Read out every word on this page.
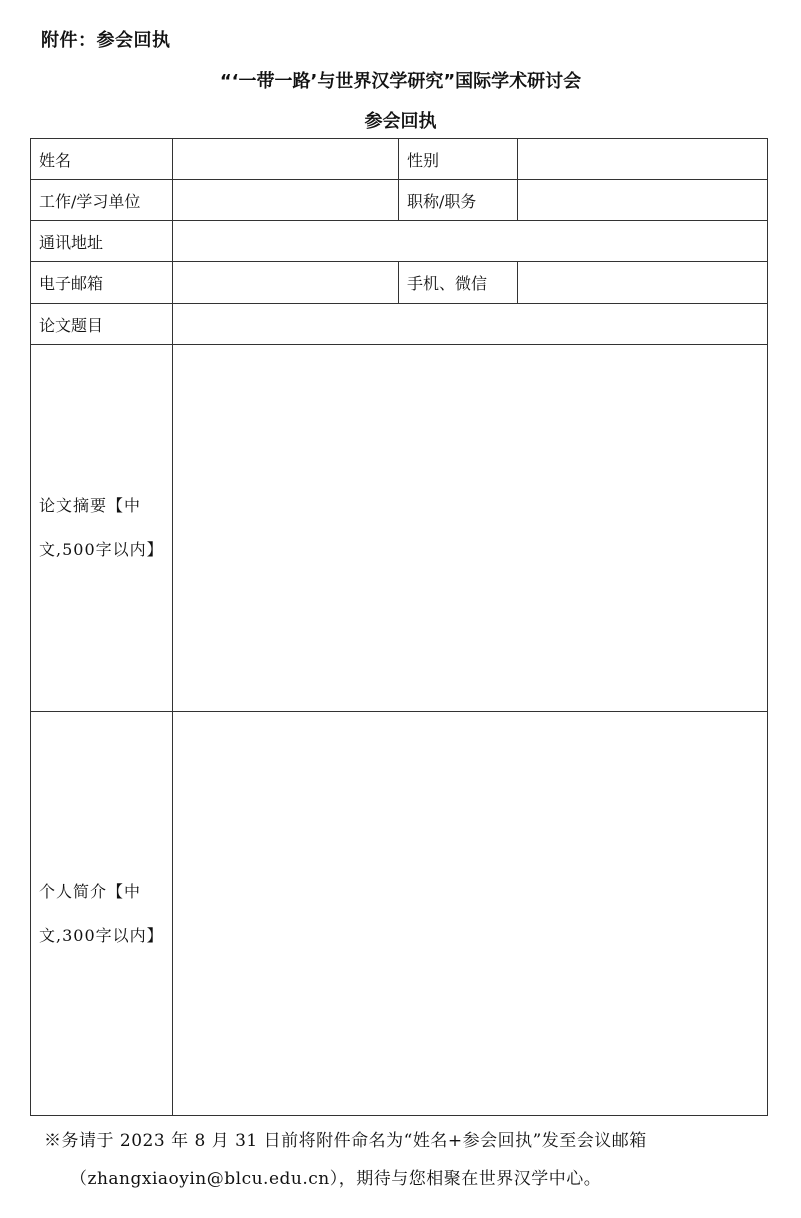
附件：参会回执
“‘一带一路’与世界汉学研究”国际学术研讨会
参会回执
姓名		性别	
工作/学习单位		职称/职务	
通讯地址			
电子邮箱		手机、微信	
论文题目			

论文摘要【中
文,500字以内】			

个人简介【中
文,300字以内】			

※务请于 2023 年 8 月 31 日前将附件命名为“姓名+参会回执”发至会议邮箱
（zhangxiaoyin@blcu.edu.cn），期待与您相聚在世界汉学中心。
